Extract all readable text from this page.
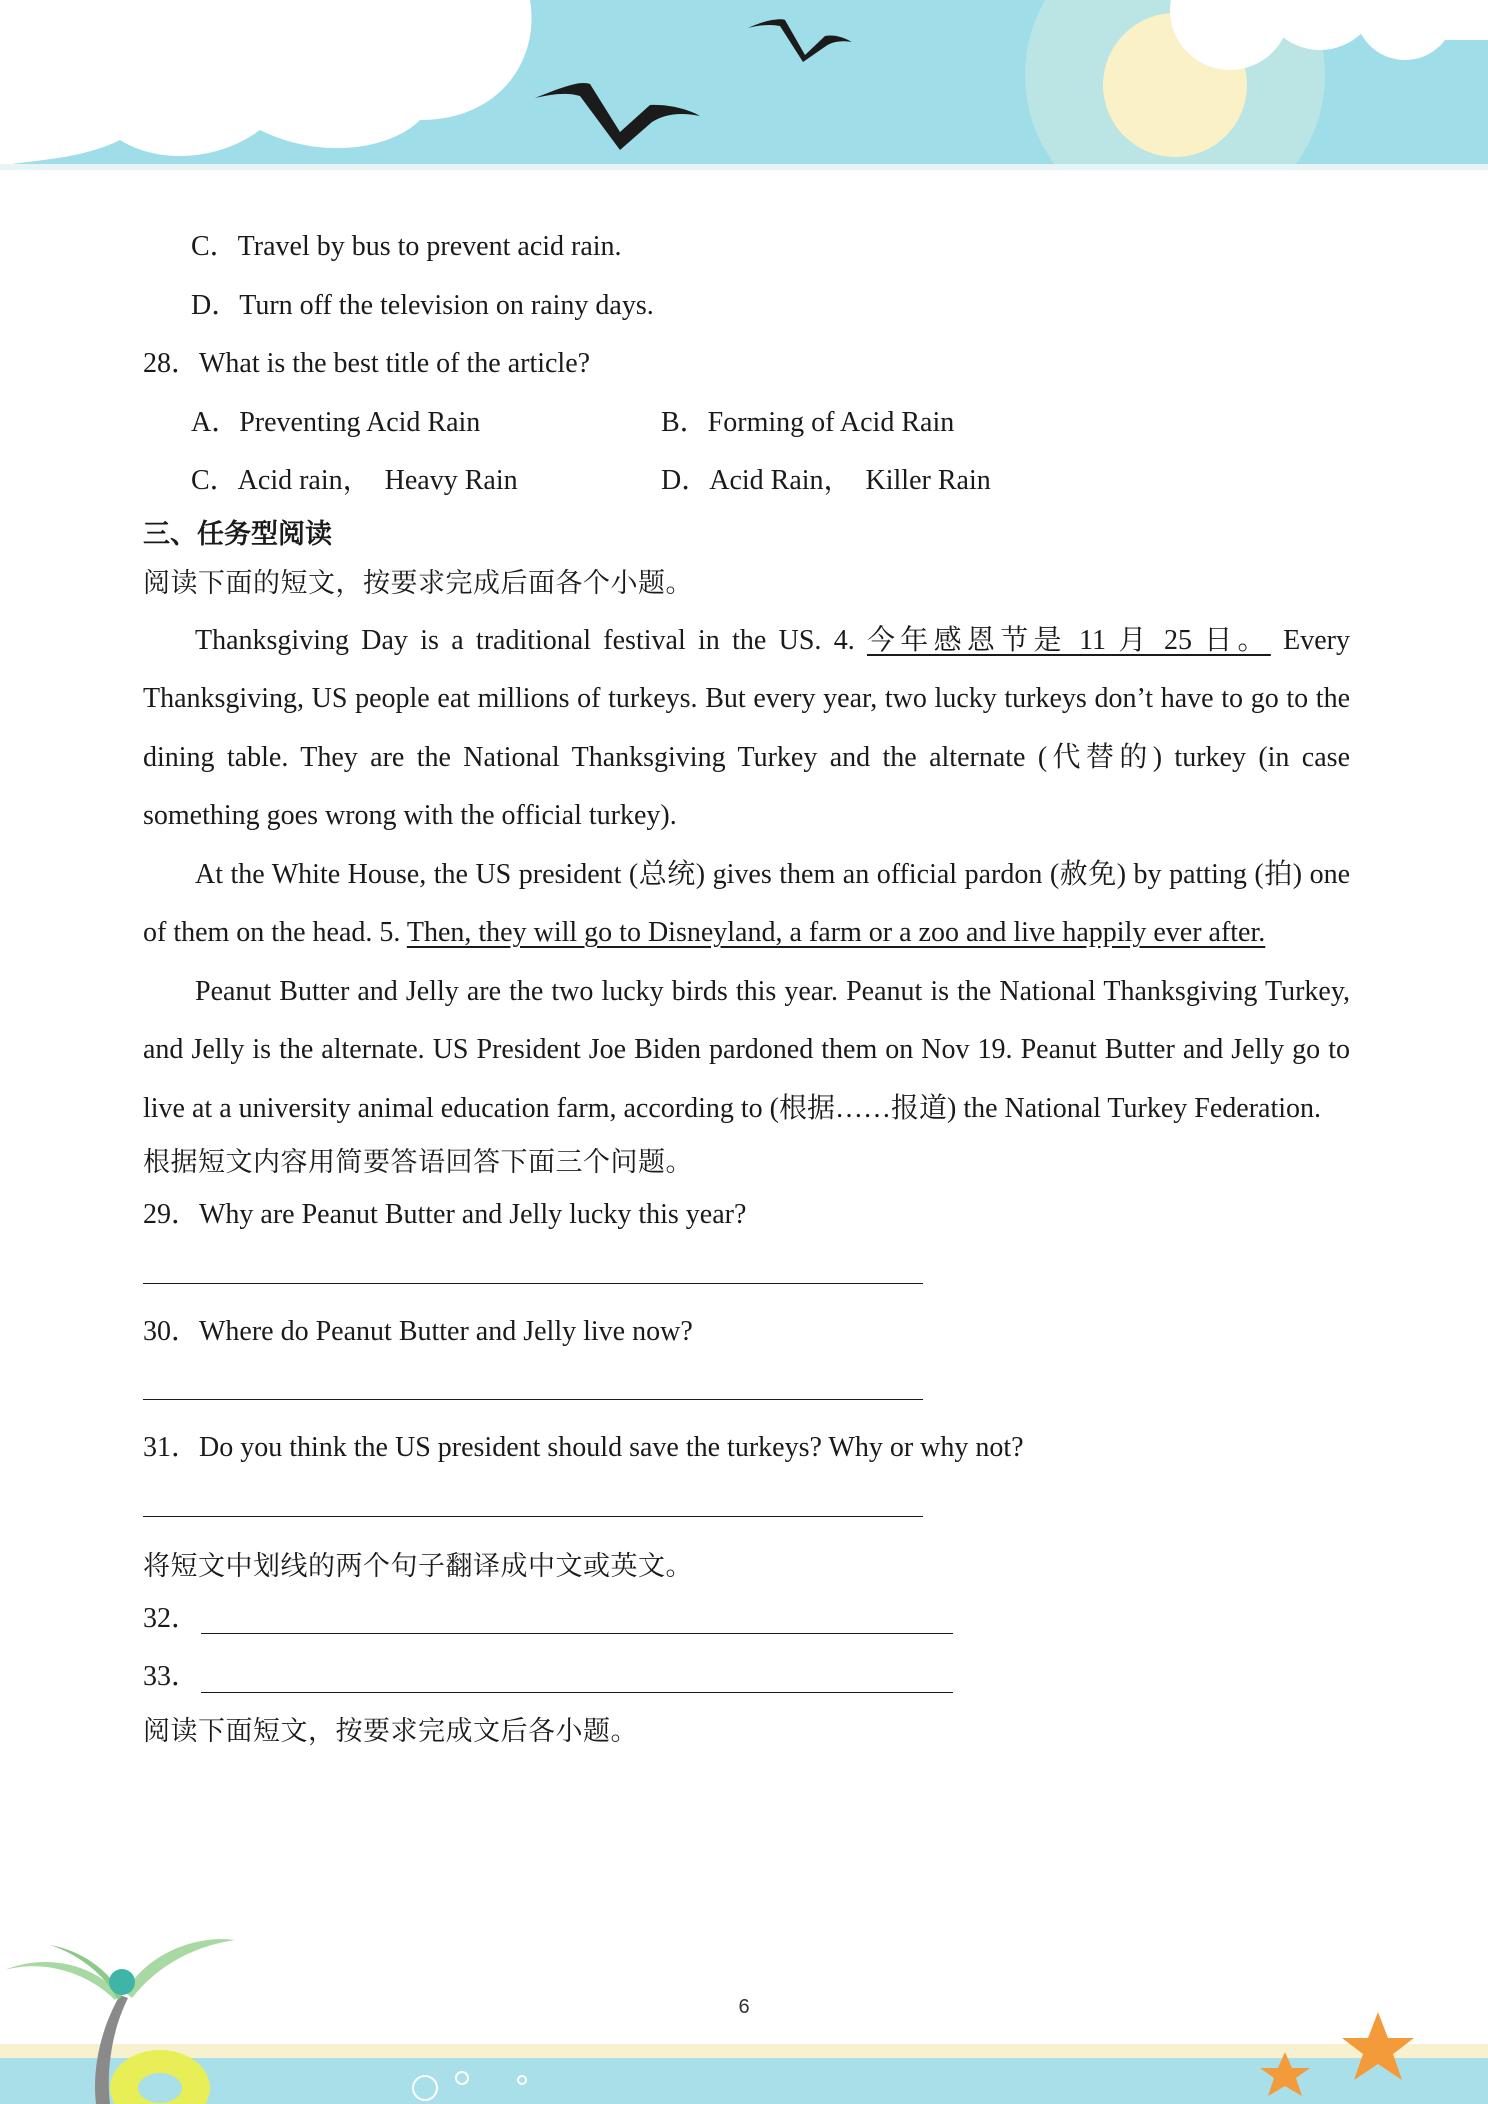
C．Travel by bus to prevent acid rain.

D．Turn off the television on rainy days.

28．What is the best title of the article?

A．Preventing Acid Rain	B．Forming of Acid Rain
C．Acid rain，  Heavy Rain	D．Acid Rain，  Killer Rain

三、任务型阅读

阅读下面的短文，按要求完成后面各个小题。

Thanksgiving Day is a traditional festival in the US. 4. 今年感恩节是 11 月 25 日。 Every Thanksgiving, US people eat millions of turkeys. But every year, two lucky turkeys don’t have to go to the dining table. They are the National Thanksgiving Turkey and the alternate (代替的) turkey (in case something goes wrong with the official turkey).

At the White House, the US president (总统) gives them an official pardon (赦免) by patting (拍) one of them on the head. 5. Then, they will go to Disneyland, a farm or a zoo and live happily ever after.

Peanut Butter and Jelly are the two lucky birds this year. Peanut is the National Thanksgiving Turkey, and Jelly is the alternate. US President Joe Biden pardoned them on Nov 19. Peanut Butter and Jelly go to live at a university animal education farm, according to (根据……报道) the National Turkey Federation.

根据短文内容用简要答语回答下面三个问题。

29．Why are Peanut Butter and Jelly lucky this year?

30．Where do Peanut Butter and Jelly live now?

31．Do you think the US president should save the turkeys? Why or why not?

将短文中划线的两个句子翻译成中文或英文。

32．
33．

阅读下面短文，按要求完成文后各小题。

6
